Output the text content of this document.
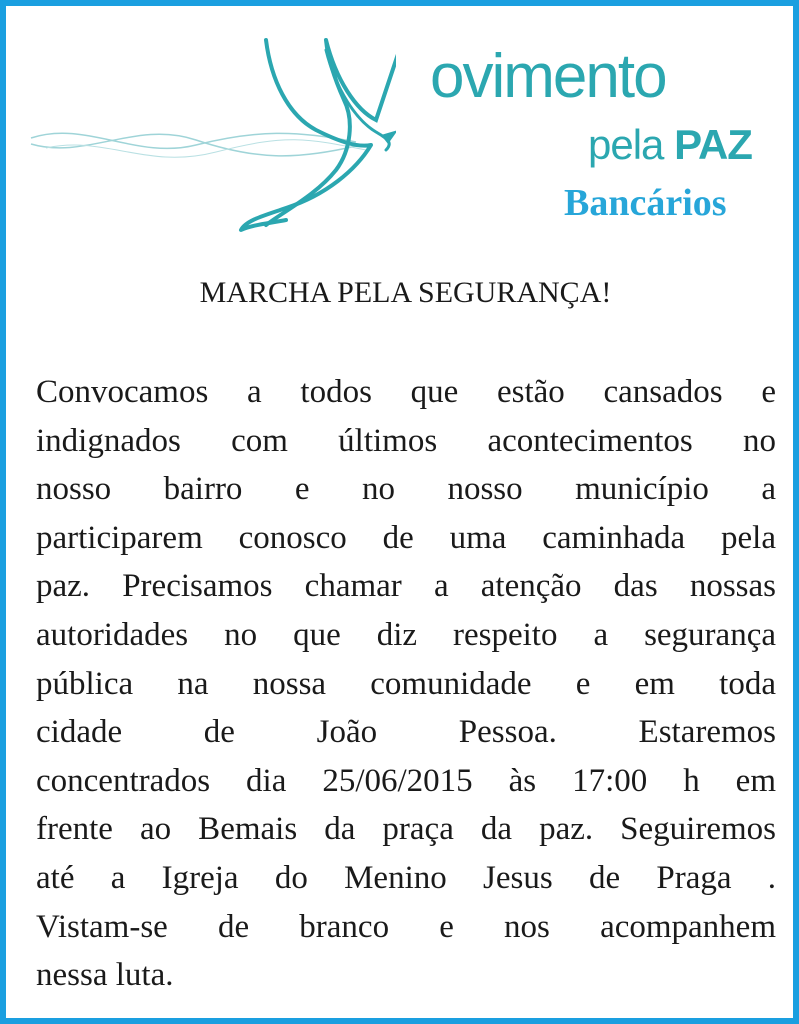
ovimento
pela PAZ
Bancários
MARCHA PELA SEGURANÇA!
Convocamos a todos que estão cansados e
indignados com últimos acontecimentos no
nosso bairro e no nosso município a
participarem conosco de uma caminhada pela
paz. Precisamos chamar a atenção das nossas
autoridades no que diz respeito a segurança
pública na nossa comunidade e em toda
cidade de João Pessoa. Estaremos
concentrados dia 25/06/2015 às 17:00 h em
frente ao Bemais da praça da paz. Seguiremos
até a Igreja do Menino Jesus de Praga .
Vistam-se de branco e nos acompanhem
nessa luta.
